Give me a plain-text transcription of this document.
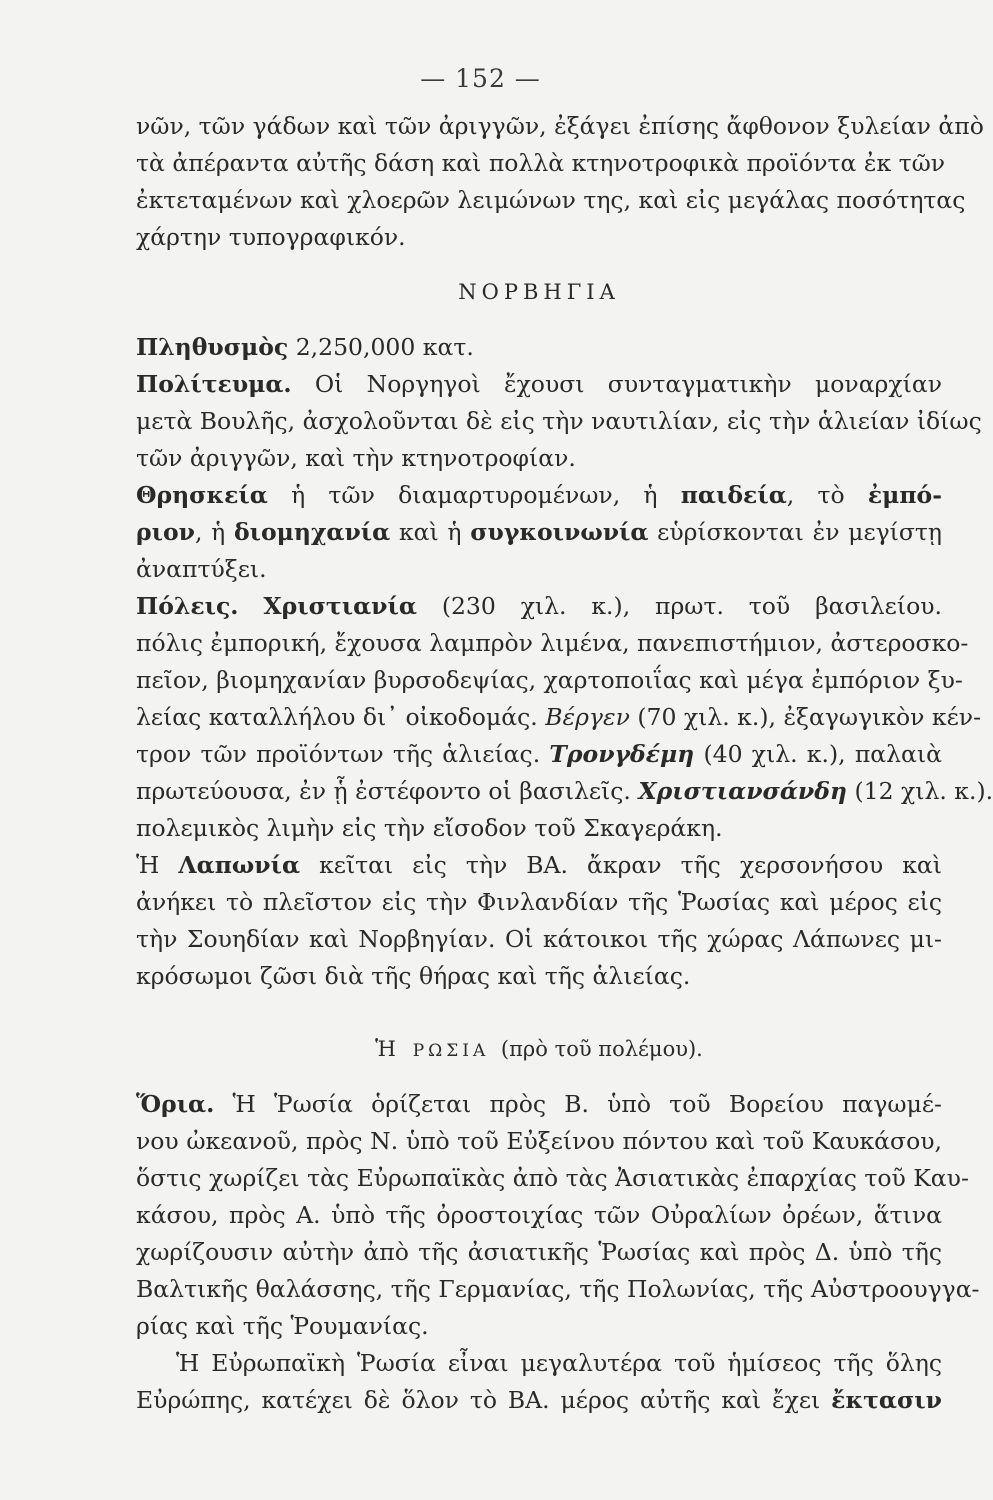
— 152 —
νῶν, τῶν γάδων καὶ τῶν ἀριγγῶν, ἐξάγει ἐπίσης ἄφθονον ξυλείαν ἀπὸ
τὰ ἀπέραντα αὐτῆς δάση καὶ πολλὰ κτηνοτροφικὰ προϊόντα ἐκ τῶν
ἐκτεταμένων καὶ χλοερῶν λειμώνων της, καὶ εἰς μεγάλας ποσότητας
χάρτην τυπογραφικόν.
ΝΟΡΒΗΓΙΑ
Πληθυσμὸς 2,250,000 κατ.
Πολίτευμα. Οἱ Νοργηγοὶ ἔχουσι συνταγματικὴν μοναρχίαν
μετὰ Βουλῆς, ἀσχολοῦνται δὲ εἰς τὴν ναυτιλίαν, εἰς τὴν ἁλιείαν ἰδίως
τῶν ἀριγγῶν, καὶ τὴν κτηνοτροφίαν.
Θρησκεία ἡ τῶν διαμαρτυρομένων, ἡ παιδεία, τὸ ἐμπό-
ριον, ἡ διομηχανία καὶ ἡ συγκοινωνία εὑρίσκονται ἐν μεγίστῃ
ἀναπτύξει.
Πόλεις. Χριστιανία (230 χιλ. κ.), πρωτ. τοῦ βασιλείου.
πόλις ἐμπορική, ἔχουσα λαμπρὸν λιμένα, πανεπιστήμιον, ἀστεροσκο-
πεῖον, βιομηχανίαν βυρσοδεψίας, χαρτοποιΐας καὶ μέγα ἐμπόριον ξυ-
λείας καταλλήλου δι᾽ οἰκοδομάς. Βέργεν (70 χιλ. κ.), ἐξαγωγικὸν κέν-
τρον τῶν προϊόντων τῆς ἁλιείας. Τρονγδέμη (40 χιλ. κ.), παλαιὰ
πρωτεύουσα, ἐν ᾗ ἐστέφοντο οἱ βασιλεῖς. Χριστιανσάνδη (12 χιλ. κ.).
πολεμικὸς λιμὴν εἰς τὴν εἴσοδον τοῦ Σκαγεράκη.
Ἡ Λαπωνία κεῖται εἰς τὴν ΒΑ. ἄκραν τῆς χερσονήσου καὶ
ἀνήκει τὸ πλεῖστον εἰς τὴν Φινλανδίαν τῆς Ῥωσίας καὶ μέρος εἰς
τὴν Σουηδίαν καὶ Νορβηγίαν. Οἱ κάτοικοι τῆς χώρας Λάπωνες μι-
κρόσωμοι ζῶσι διὰ τῆς θήρας καὶ τῆς ἁλιείας.
Ἡ ΡΩΣΙΑ (πρὸ τοῦ πολέμου).
Ὅρια. Ἡ Ῥωσία ὁρίζεται πρὸς Β. ὑπὸ τοῦ Βορείου παγωμέ-
νου ὠκεανοῦ, πρὸς Ν. ὑπὸ τοῦ Εὐξείνου πόντου καὶ τοῦ Καυκάσου,
ὅστις χωρίζει τὰς Εὐρωπαϊκὰς ἀπὸ τὰς Ἀσιατικὰς ἐπαρχίας τοῦ Καυ-
κάσου, πρὸς Α. ὑπὸ τῆς ὀροστοιχίας τῶν Οὐραλίων ὀρέων, ἅτινα
χωρίζουσιν αὐτὴν ἀπὸ τῆς ἀσιατικῆς Ῥωσίας καὶ πρὸς Δ. ὑπὸ τῆς
Βαλτικῆς θαλάσσης, τῆς Γερμανίας, τῆς Πολωνίας, τῆς Αὐστροουγγα-
ρίας καὶ τῆς Ῥουμανίας.
Ἡ Εὐρωπαϊκὴ Ῥωσία εἶναι μεγαλυτέρα τοῦ ἡμίσεος τῆς ὅλης
Εὐρώπης, κατέχει δὲ ὅλον τὸ ΒΑ. μέρος αὐτῆς καὶ ἔχει ἔκτασιν
